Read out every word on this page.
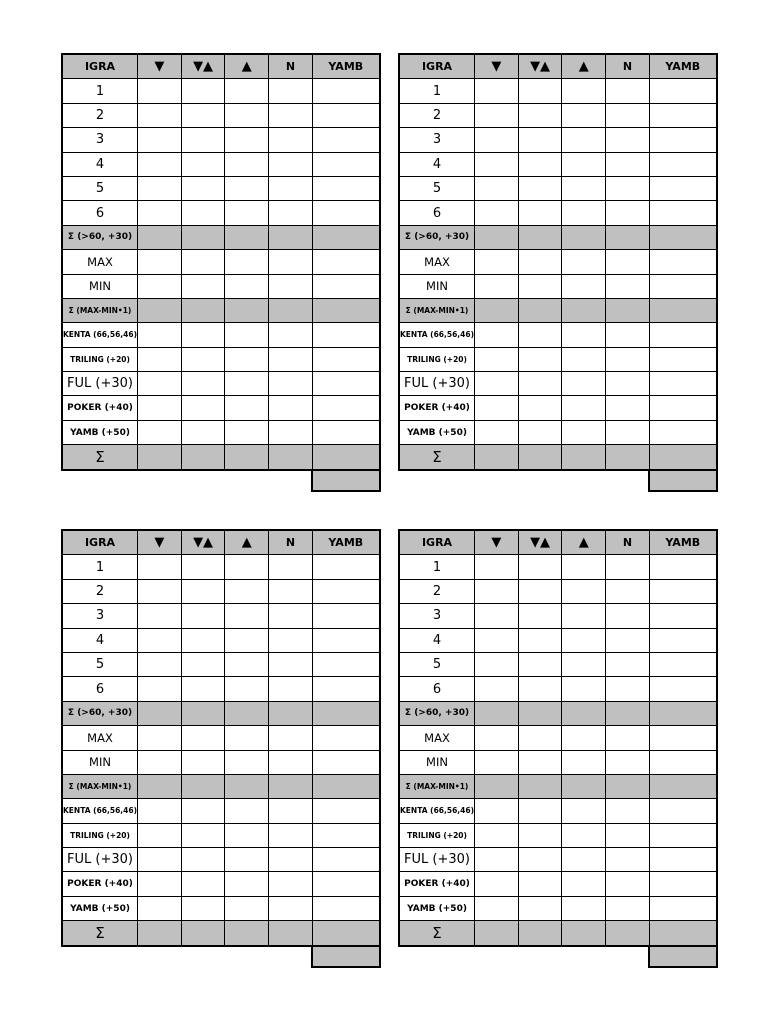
IGRA	▼	▼▲	▲	N	YAMB
1					
2					
3					
4					
5					
6					
Σ (>60, +30)					
MAX					
MIN					
Σ (MAX-MIN•1)					
KENTA (66,56,46)					
TRILING (+20)					
FUL (+30)					
POKER (+40)					
YAMB (+50)					
Σ					
IGRA	▼	▼▲	▲	N	YAMB
1					
2					
3					
4					
5					
6					
Σ (>60, +30)					
MAX					
MIN					
Σ (MAX-MIN•1)					
KENTA (66,56,46)					
TRILING (+20)					
FUL (+30)					
POKER (+40)					
YAMB (+50)					
Σ					
IGRA	▼	▼▲	▲	N	YAMB
1					
2					
3					
4					
5					
6					
Σ (>60, +30)					
MAX					
MIN					
Σ (MAX-MIN•1)					
KENTA (66,56,46)					
TRILING (+20)					
FUL (+30)					
POKER (+40)					
YAMB (+50)					
Σ					
IGRA	▼	▼▲	▲	N	YAMB
1					
2					
3					
4					
5					
6					
Σ (>60, +30)					
MAX					
MIN					
Σ (MAX-MIN•1)					
KENTA (66,56,46)					
TRILING (+20)					
FUL (+30)					
POKER (+40)					
YAMB (+50)					
Σ					
